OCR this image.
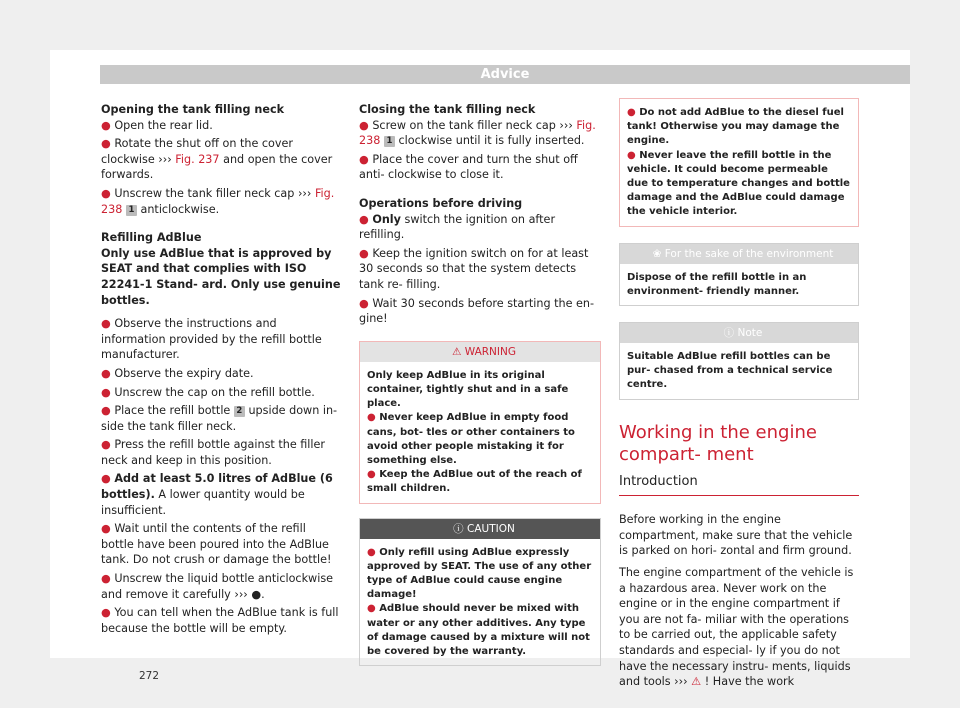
Advice

Opening the tank filling neck

● Open the rear lid.

● Rotate the shut off on the cover clockwise ››› Fig. 237 and open the cover forwards.

● Unscrew the tank filler neck cap ››› Fig. 238 1 anticlockwise.

Refilling AdBlue

Only use AdBlue that is approved by SEAT and that complies with ISO 22241-1 Stand- ard. Only use genuine bottles.

● Observe the instructions and information provided by the refill bottle manufacturer.

● Observe the expiry date.

● Unscrew the cap on the refill bottle.

● Place the refill bottle 2 upside down in- side the tank filler neck.

● Press the refill bottle against the filler neck and keep in this position.

● Add at least 5.0 litres of AdBlue (6 bottles). A lower quantity would be insufficient.

● Wait until the contents of the refill bottle have been poured into the AdBlue tank. Do not crush or damage the bottle!

● Unscrew the liquid bottle anticlockwise and remove it carefully ››› ●.

● You can tell when the AdBlue tank is full because the bottle will be empty.

Closing the tank filling neck

● Screw on the tank filler neck cap ››› Fig. 238 1 clockwise until it is fully inserted.

● Place the cover and turn the shut off anti- clockwise to close it.

Operations before driving

● Only switch the ignition on after refilling.

● Keep the ignition switch on for at least 30 seconds so that the system detects tank re- filling.

● Wait 30 seconds before starting the en- gine!

⚠ WARNING

Only keep AdBlue in its original container, tightly shut and in a safe place.

● Never keep AdBlue in empty food cans, bot- tles or other containers to avoid other people mistaking it for something else.

● Keep the AdBlue out of the reach of small children.

ⓘ CAUTION

● Only refill using AdBlue expressly approved by SEAT. The use of any other type of AdBlue could cause engine damage!

● AdBlue should never be mixed with water or any other additives. Any type of damage caused by a mixture will not be covered by the warranty.

● Do not add AdBlue to the diesel fuel tank! Otherwise you may damage the engine.

● Never leave the refill bottle in the vehicle. It could become permeable due to temperature changes and bottle damage and the AdBlue could damage the vehicle interior.

❀ For the sake of the environment
Dispose of the refill bottle in an environment- friendly manner.
ⓘ Note
Suitable AdBlue refill bottles can be pur- chased from a technical service centre.
Working in the engine compart- ment
Introduction

Before working in the engine compartment, make sure that the vehicle is parked on hori- zontal and firm ground.

The engine compartment of the vehicle is a hazardous area. Never work on the engine or in the engine compartment if you are not fa- miliar with the operations to be carried out, the applicable safety standards and especial- ly if you do not have the necessary instru- ments, liquids and tools ››› ⚠ ! Have the work

272
